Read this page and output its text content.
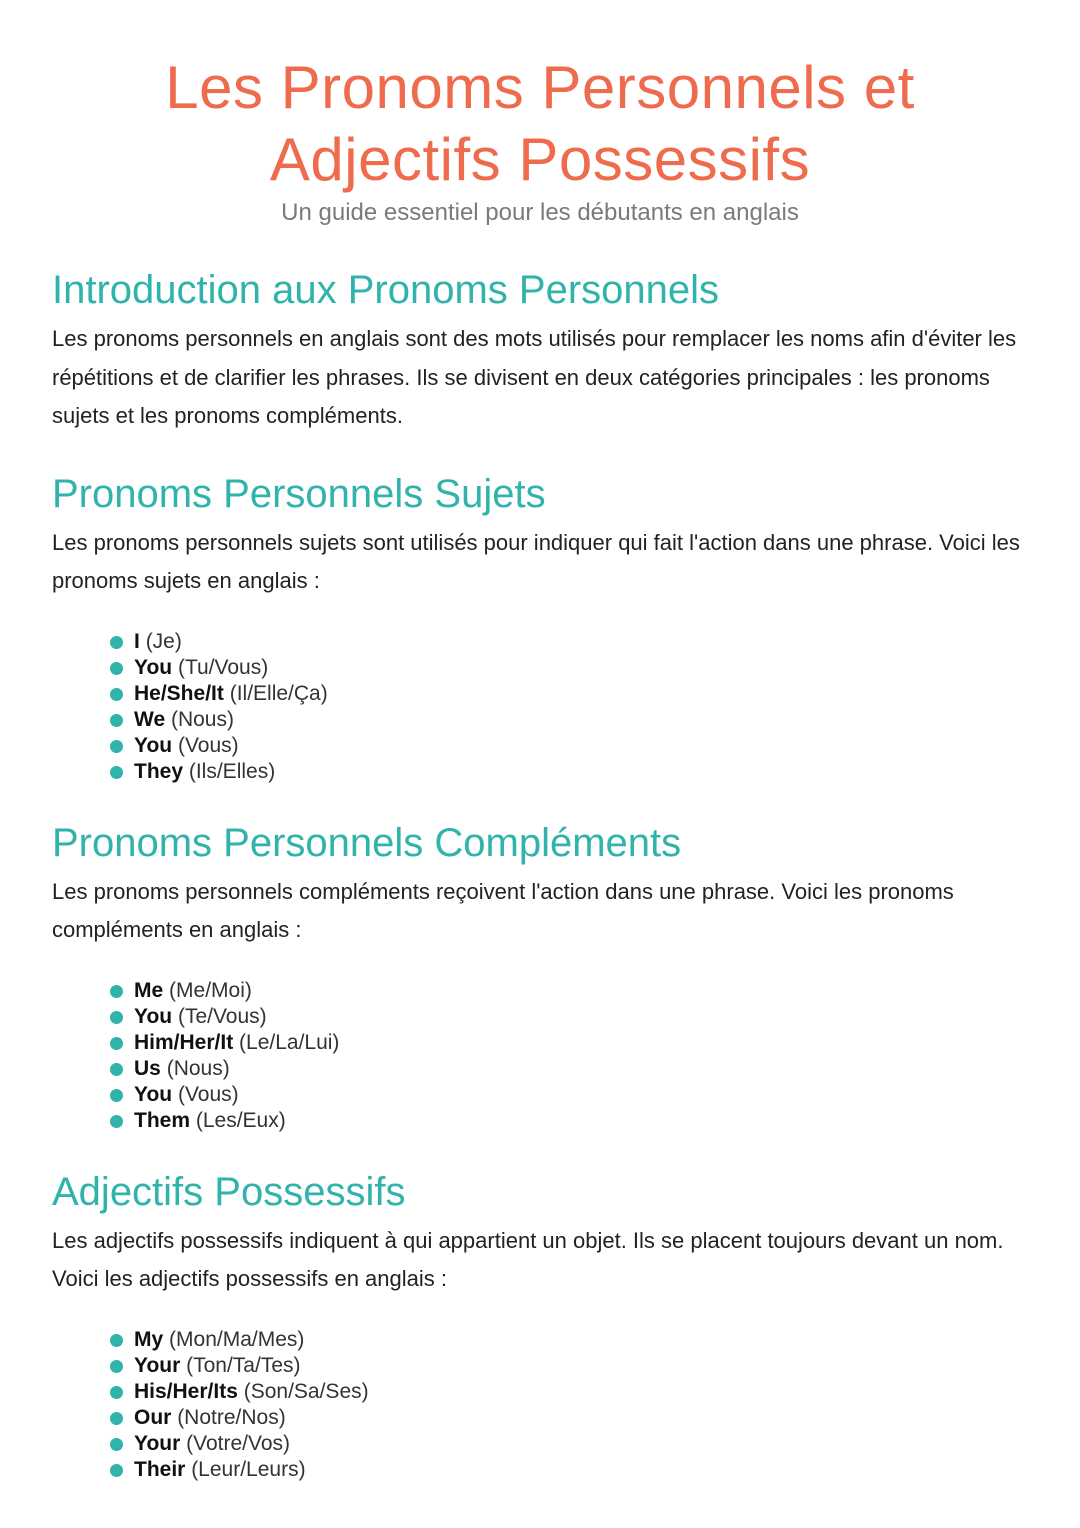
Les Pronoms Personnels et
Adjectifs Possessifs

Un guide essentiel pour les débutants en anglais

Introduction aux Pronoms Personnels

Les pronoms personnels en anglais sont des mots utilisés pour remplacer les noms afin d'éviter les répétitions et de clarifier les phrases. Ils se divisent en deux catégories principales : les pronoms sujets et les pronoms compléments.

Pronoms Personnels Sujets

Les pronoms personnels sujets sont utilisés pour indiquer qui fait l'action dans une phrase. Voici les pronoms sujets en anglais :

I (Je)
You (Tu/Vous)
He/She/It (Il/Elle/Ça)
We (Nous)
You (Vous)
They (Ils/Elles)
Pronoms Personnels Compléments

Les pronoms personnels compléments reçoivent l'action dans une phrase. Voici les pronoms compléments en anglais :

Me (Me/Moi)
You (Te/Vous)
Him/Her/It (Le/La/Lui)
Us (Nous)
You (Vous)
Them (Les/Eux)
Adjectifs Possessifs

Les adjectifs possessifs indiquent à qui appartient un objet. Ils se placent toujours devant un nom. Voici les adjectifs possessifs en anglais :

My (Mon/Ma/Mes)
Your (Ton/Ta/Tes)
His/Her/Its (Son/Sa/Ses)
Our (Notre/Nos)
Your (Votre/Vos)
Their (Leur/Leurs)
